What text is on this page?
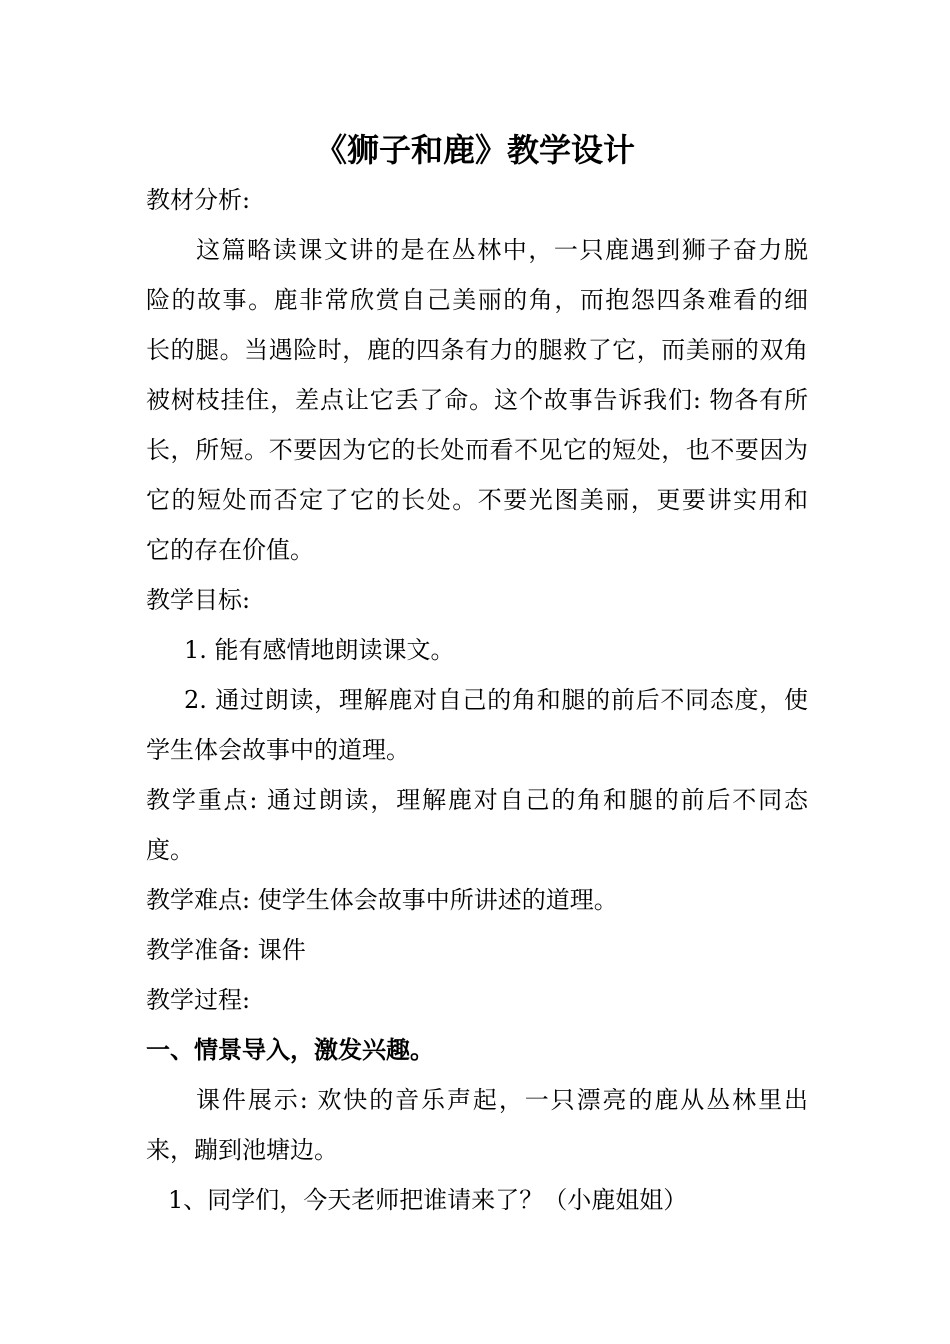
《狮子和鹿》教学设计

教材分析:

这篇略读课文讲的是在丛林中，一只鹿遇到狮子奋力脱

险的故事。鹿非常欣赏自己美丽的角，而抱怨四条难看的细

长的腿。当遇险时，鹿的四条有力的腿救了它，而美丽的双角

被树枝挂住，差点让它丢了命。这个故事告诉我们: 物各有所

长，所短。不要因为它的长处而看不见它的短处，也不要因为

它的短处而否定了它的长处。不要光图美丽，更要讲实用和

它的存在价值。

教学目标:

1. 能有感情地朗读课文。

2. 通过朗读，理解鹿对自己的角和腿的前后不同态度，使

学生体会故事中的道理。

教学重点: 通过朗读，理解鹿对自己的角和腿的前后不同态

度。

教学难点: 使学生体会故事中所讲述的道理。

教学准备: 课件

教学过程:

一、情景导入，激发兴趣。

课件展示: 欢快的音乐声起，一只漂亮的鹿从丛林里出

来，蹦到池塘边。

1、同学们，今天老师把谁请来了？（小鹿姐姐）
